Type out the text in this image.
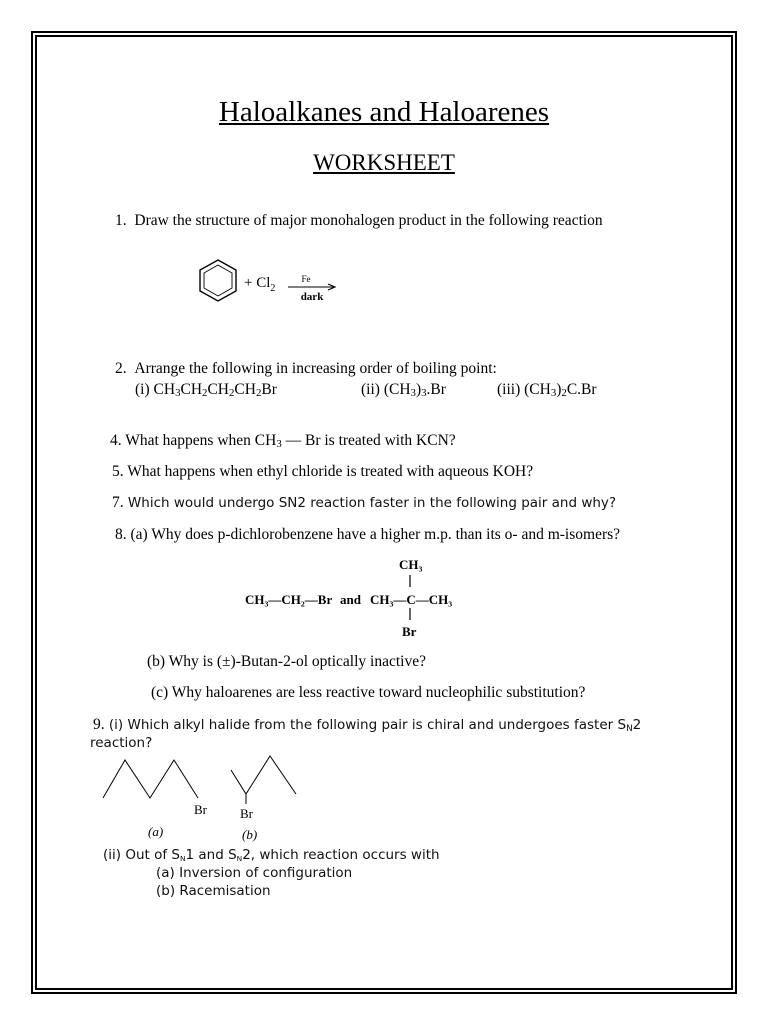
Haloalkanes and Haloarenes
WORKSHEET
1. Draw the structure of major monohalogen product in the following reaction
+ $Cl_2$
Fe
dark
2. Arrange the following in increasing order of boiling point:
(i) $CH_3CH_2CH_2CH_2Br$	(ii) $(CH_3)_3.Br$	(iii) $(CH_3)_2C.Br$
4. What happens when $CH_3$ — Br is treated with KCN?
5. What happens when ethyl chloride is treated with aqueous KOH?
7. Which would undergo SN2 reaction faster in the following pair and why?
8. (a) Why does p-dichlorobenzene have a higher m.p. than its o- and m-isomers?
CH₃—CH₂—Br and
CH₃
CH₃—C—CH₃
Br
(b) Why is (±)-Butan-2-ol optically inactive?
(c) Why haloarenes are less reactive toward nucleophilic substitution?
9. (i) Which alkyl halide from the following pair is chiral and undergoes faster $S_N2$
reaction?
Br
(a)
Br
(b)
(ii) Out of $S_N1$ and $S_N2$, which reaction occurs with
(a) Inversion of configuration
(b) Racemisation
